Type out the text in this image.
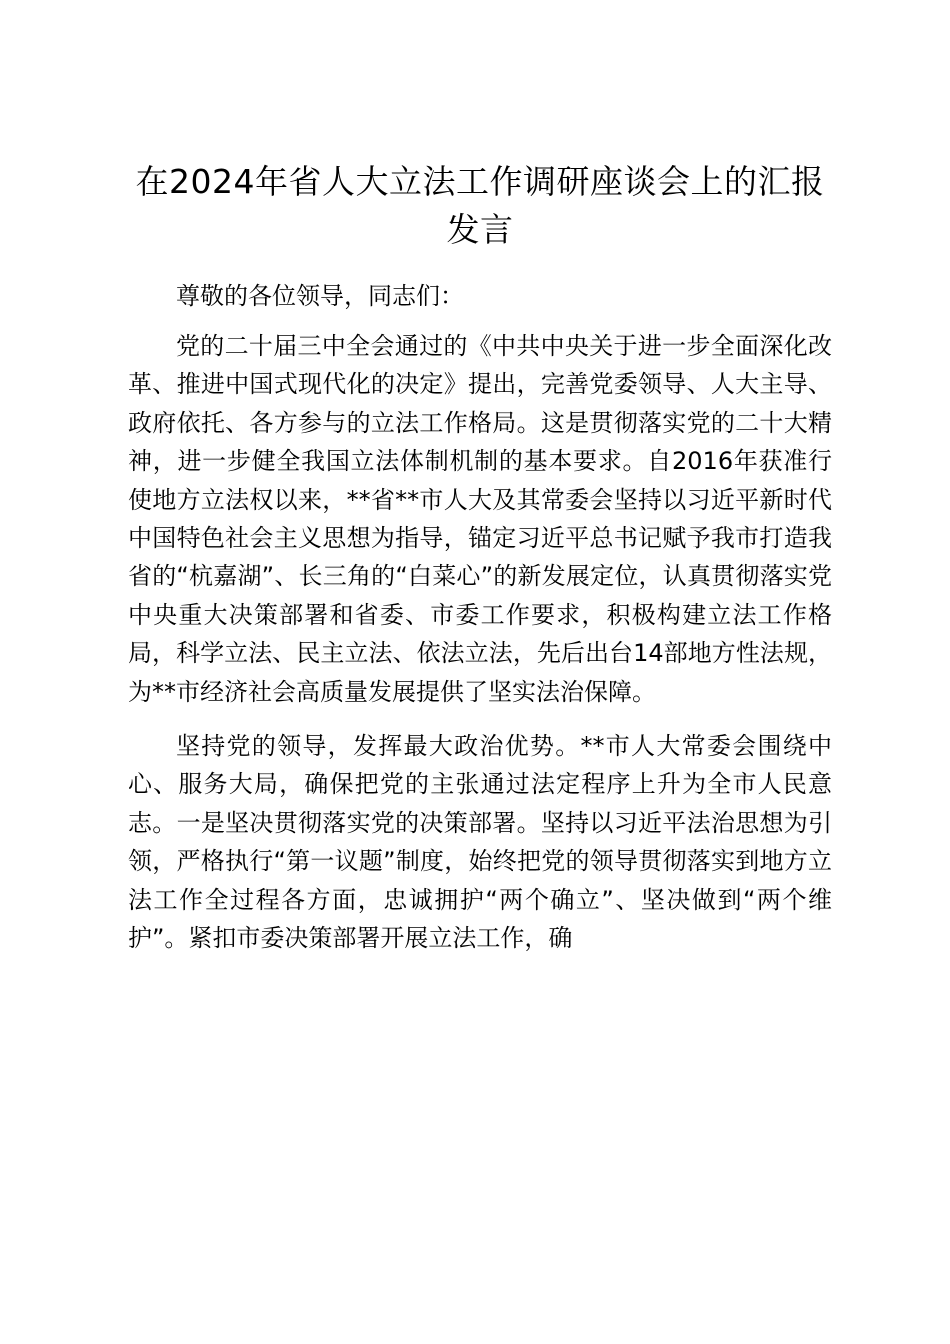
在2024年省人大立法工作调研座谈会上的汇报发言

尊敬的各位领导，同志们：

党的二十届三中全会通过的《中共中央关于进一步全面深化改革、推进中国式现代化的决定》提出，完善党委领导、人大主导、政府依托、各方参与的立法工作格局。这是贯彻落实党的二十大精神，进一步健全我国立法体制机制的基本要求。自2016年获准行使地方立法权以来，**省**市人大及其常委会坚持以习近平新时代中国特色社会主义思想为指导，锚定习近平总书记赋予我市打造我省的“杭嘉湖”、长三角的“白菜心”的新发展定位，认真贯彻落实党中央重大决策部署和省委、市委工作要求，积极构建立法工作格局，科学立法、民主立法、依法立法，先后出台14部地方性法规，为**市经济社会高质量发展提供了坚实法治保障。

坚持党的领导，发挥最大政治优势。**市人大常委会围绕中心、服务大局，确保把党的主张通过法定程序上升为全市人民意志。一是坚决贯彻落实党的决策部署。坚持以习近平法治思想为引领，严格执行“第一议题”制度，始终把党的领导贯彻落实到地方立法工作全过程各方面，忠诚拥护“两个确立”、坚决做到“两个维护”。紧扣市委决策部署开展立法工作，确
